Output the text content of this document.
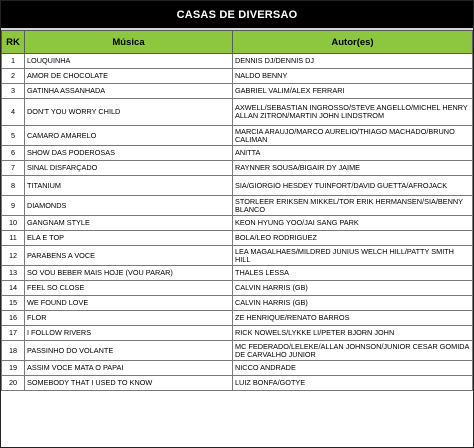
CASAS DE DIVERSAO
RK	Música	Autor(es)
1	LOUQUINHA	DENNIS DJ/DENNIS DJ
2	AMOR DE CHOCOLATE	NALDO BENNY
3	GATINHA ASSANHADA	GABRIEL VALIM/ALEX FERRARI
4	DON'T YOU WORRY CHILD	AXWELL/SEBASTIAN INGROSSO/STEVE ANGELLO/MICHEL HENRY ALLAN ZITRON/MARTIN JOHN LINDSTROM
5	CAMARO AMARELO	MARCIA ARAUJO/MARCO AURELIO/THIAGO MACHADO/BRUNO CALIMAN
6	SHOW DAS PODEROSAS	ANITTA
7	SINAL DISFARÇADO	RAYNNER SOUSA/BIGAIR DY JAIME
8	TITANIUM	SIA/GIORGIO HESDEY TUINFORT/DAVID GUETTA/AFROJACK
9	DIAMONDS	STORLEER ERIKSEN MIKKEL/TOR ERIK HERMANSEN/SIA/BENNY BLANCO
10	GANGNAM STYLE	KEON HYUNG YOO/JAI SANG PARK
11	ELA E TOP	BOLA/LEO RODRIGUEZ
12	PARABENS A VOCE	LEA MAGALHAES/MILDRED JUNIUS WELCH HILL/PATTY SMITH HILL
13	SO VOU BEBER MAIS HOJE (VOU PARAR)	THALES LESSA
14	FEEL SO CLOSE	CALVIN HARRIS (GB)
15	WE FOUND LOVE	CALVIN HARRIS (GB)
16	FLOR	ZE HENRIQUE/RENATO BARROS
17	I FOLLOW RIVERS	RICK NOWELS/LYKKE LI/PETER BJORN JOHN
18	PASSINHO DO VOLANTE	MC FEDERADO/LELEKE/ALLAN JOHNSON/JUNIOR CESAR GOMIDA DE CARVALHO JUNIOR
19	ASSIM VOCE MATA O PAPAI	NICCO ANDRADE
20	SOMEBODY THAT I USED TO KNOW	LUIZ BONFA/GOTYE
